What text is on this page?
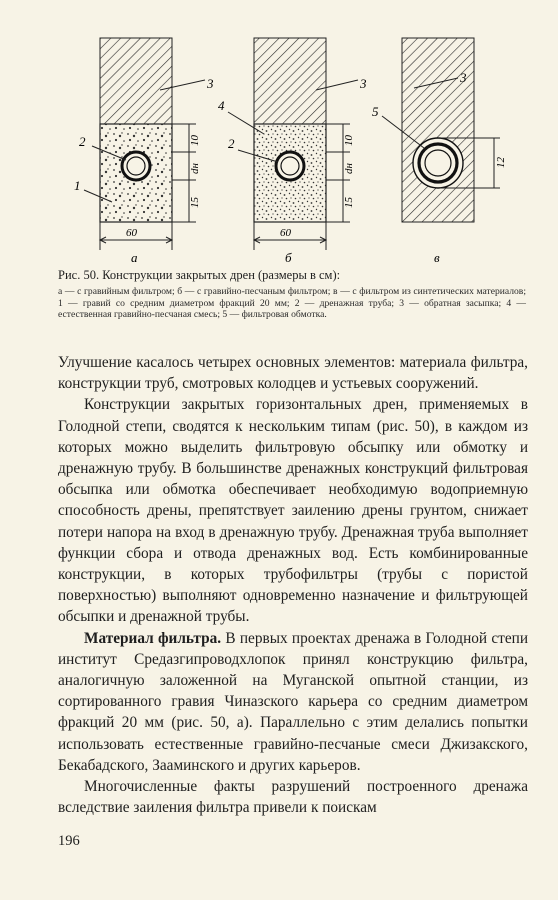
2
1
3
10
dн
15
60
а
4
2
3
10
dн
15
60
б
5
3
12
в
Рис. 50. Конструкции закрытых дрен (размеры в см):
а — с гравийным фильтром; б — с гравийно-песчаным фильтром; в — с фильтром из синтетических материалов; 1 — гравий со средним диаметром фракций 20 мм; 2 — дренажная труба; 3 — обратная засыпка; 4 — естественная гравийно-песчаная смесь; 5 — фильтровая обмотка.

Улучшение касалось четырех основных элементов: материала фильтра, конструкции труб, смотровых колодцев и устьевых сооружений.

Конструкции закрытых горизонтальных дрен, применяемых в Голодной степи, сводятся к нескольким типам (рис. 50), в каждом из которых можно выделить фильтровую обсыпку или обмотку и дренажную трубу. В большинстве дренажных конструкций фильтровая обсыпка или обмотка обеспечивает необходимую водоприемную способность дрены, препятствует заилению дрены грунтом, снижает потери напора на вход в дренажную трубу. Дренажная труба выполняет функции сбора и отвода дренажных вод. Есть комбинированные конструкции, в которых трубофильтры (трубы с пористой поверхностью) выполняют одновременно назначение и фильтрующей обсыпки и дренажной трубы.

Материал фильтра. В первых проектах дренажа в Голодной степи институт Средазгипроводхлопок принял конструкцию фильтра, аналогичную заложенной на Муганской опытной станции, из сортированного гравия Чиназского карьера со средним диаметром фракций 20 мм (рис. 50, а). Параллельно с этим делались попытки использовать естественные гравийно-песчаные смеси Джизакского, Бекабадского, Зааминского и других карьеров.

Многочисленные факты разрушений построенного дренажа вследствие заиления фильтра привели к поискам

196
